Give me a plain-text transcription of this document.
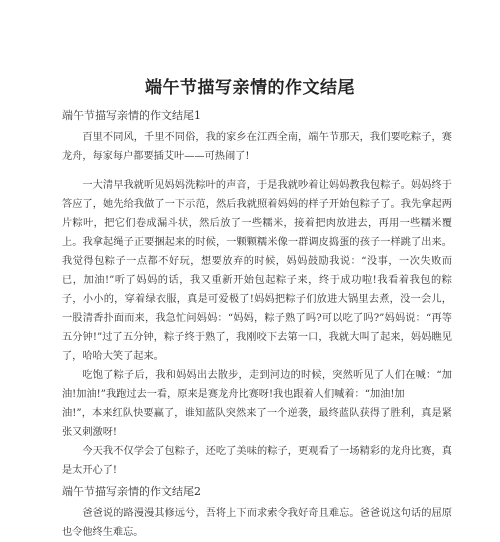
端午节描写亲情的作文结尾
端午节描写亲情的作文结尾1

百里不同风，千里不同俗，我的家乡在江西全南，端午节那天，我们要吃粽子，赛龙舟，每家每户都要插艾叶——可热闹了!

一大清早我就听见妈妈洗粽叶的声音，于是我就吵着让妈妈教我包粽子。妈妈终于答应了，她先给我做了一下示范，然后我就照着妈妈的样子开始包粽子了。我先拿起两片粽叶，把它们卷成漏斗状，然后放了一些糯米，接着把肉放进去，再用一些糯米覆上。我拿起绳子正要捆起来的时候，一颗颗糯米像一群调皮捣蛋的孩子一样跳了出来。我觉得包粽子一点都不好玩，想要放弃的时候，妈妈鼓励我说：“没事，一次失败而已，加油!”听了妈妈的话，我又重新开始包起粽子来，终于成功啦!我看着我包的粽子，小小的，穿着绿衣服，真是可爱极了!妈妈把粽子们放进大锅里去煮，没一会儿，一股清香扑面而来，我急忙问妈妈：“妈妈，粽子熟了吗?可以吃了吗?”妈妈说：“再等五分钟!”过了五分钟，粽子终于熟了，我刚咬下去第一口，我就大叫了起来，妈妈瞧见了，哈哈大笑了起来。

吃饱了粽子后，我和妈妈出去散步，走到河边的时候，突然听见了人们在喊：“加油!加油!”我跑过去一看，原来是赛龙舟比赛呀!我也跟着人们喊着：“加油!加

油!”，本来红队快要赢了，谁知蓝队突然来了一个逆袭，最终蓝队获得了胜利，真是紧张又刺激呀!

今天我不仅学会了包粽子，还吃了美味的粽子，更观看了一场精彩的龙舟比赛，真是太开心了!

端午节描写亲情的作文结尾2

爸爸说的路漫漫其修远兮，吾将上下而求索令我好奇且难忘。爸爸说这句话的屈原也令他终生难忘。
